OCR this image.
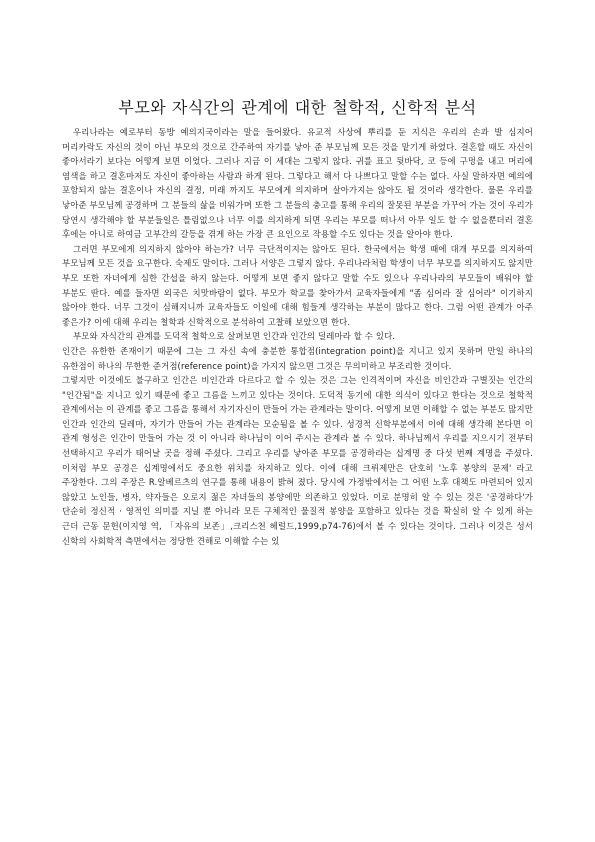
부모와 자식간의 관계에 대한 철학적, 신학적 분석

우리나라는 예로부터 동방 예의지국이라는 말을 들어왔다. 유교적 사상에 뿌리를 둔 지식은 우리의 손과 발 심지어 머리카락도 자신의 것이 아닌 부모의 것으로 간주하여 자기를 낳아 준 부모님께 모든 것을 맡기게 하였다. 결혼할 때도 자신이 좋아서라기 보다는 어떻게 보면 이었다. 그러나 지금 이 세대는 그렇지 않다. 귀를 표고 뒷바닥, 코 등에 구멍을 내고 머리에 염색을 하고 결혼마저도 자신이 좋아하는 사람과 하게 된다. 그렇다고 해서 다 나쁘다고 말할 수는 없다. 사실 말하자면 예의에 포함되지 않는 결혼이나 자신의 결정, 미래 까지도 부모에게 의지하며 살아가지는 않아도 될 것이라 생각한다. 물론 우리를 낳아준 부모님께 공경하며 그 분들의 삶을 비워가며 또한 그 분들의 충고를 통해 우리의 잘못된 부분을 가꾸어 가는 것이 우리가 당연시 생각해야 할 부분들일은 틀림없으나 너무 이를 의지하게 되면 우리는 부모를 떠나서 아무 일도 할 수 없을뿐더러 결혼 후에는 아니로 하여금 고부간의 갈등을 겪게 하는 가장 큰 요인으로 작용할 수도 있다는 것을 알아야 한다.

그러면 부모에게 의지하지 않아야 하는가? 너무 극단적이지는 않아도 된다. 한국에서는 학생 때에 대개 부모를 의지하여 부모님께 모든 것을 요구한다. 숙제도 말이다. 그러나 서양은 그렇지 않다. 우리나라처럼 학생이 너무 부모를 의지하지도 않지만 부모 또한 자녀에게 심한 간섭을 하지 않는다. 어떻게 보면 좋지 않다고 말할 수도 있으나 우리나라의 부모들이 배워야 할 부분도 딴다. 예를 들자면 외국은 치맛바람이 없다. 부모가 학교를 찾아가서 교육자들에게 "좀 심어라 잘 심어라" 이기하지 않아야 한다. 너무 그것이 심해지니까 교육자들도 이일에 대해 힘들게 생각하는 부분이 많다고 한다. 그럼 어떤 관계가 아주 좋은가? 이에 대해 우리는 철학과 신학적으로 분석하여 고찰해 보았으면 한다.

부모와 자식간의 관계를 도덕적 철학으로 살펴보면 인간과 인간의 덜레마라 할 수 있다.

인간은 유한한 존재이기 때문에 그는 그 자신 속에 충분한 통합점(integration point)을 지니고 있지 못하며 만일 하나의 유한점이 하나의 무한한 준거점(reference point)을 가지지 않으면 그것은 무의미하고 부조리한 것이다.

그렇지만 이것에도 불구하고 인간은 비인간과 다르다고 할 수 있는 것은 그는 인격적이며 자신을 비인간과 구별짓는 인간의 "인간됨"을 지니고 있기 때문에 좋고 그름을 느끼고 있다는 것이다. 도덕적 동기에 대한 의식이 있다고 한다는 것으로 철학적 관계에서는 이 관계를 좋고 그름을 통해서 자기자신이 만들어 가는 관계라는 말이다. 어떻게 보면 이해할 수 없는 부분도 많지만 인간과 인간의 딜레마, 자기가 만들어 가는 관계라는 모순됨을 볼 수 있다. 성경적 신학부분에서 이에 대해 생각해 본다면 이 관계 형성은 인간이 만들어 가는 것 이 아니라 하나님이 이어 주시는 관계라 볼 수 있다. 하나님께서 우리를 지으시기 전부터 선택하시고 우리가 태어날 곳을 정해 주셨다. 그리고 우리를 낳아준 부모를 공경하라는 십계명 중 다섯 번째 계명을 주셨다. 이처럼 부모 공경은 십계명에서도 중요한 위치를 차지하고 있다. 이에 대해 크뤼제만은 단호히 '노후 봉양의 문제' 라고 주장한다. 그의 주장은 R.알베르츠의 연구를 통해 내용이 밝혀 졌다. 당시에 가정밖에서는 그 어떤 노후 대책도 마련되어 있지 않았고 노인들, 병자, 약자들은 오로지 젊은 자녀들의 봉양에만 의존하고 있었다. 이로 분명히 알 수 있는 것은 '공경하다'가 단순히 정신적 · 영적인 의미를 지닐 뿐 아니라 모든 구체적인 물질적 봉양을 포함하고 있다는 것을 확실히 알 수 있게 하는 근더 근동 문헌(이지영 역, 「자유의 보존」,크리스천 헤럴드,1999,p74-76)에서 볼 수 있다는 것이다. 그러나 이것은 성서 신학의 사회학적 측면에서는 정당한 견해로 이해할 수는 있
